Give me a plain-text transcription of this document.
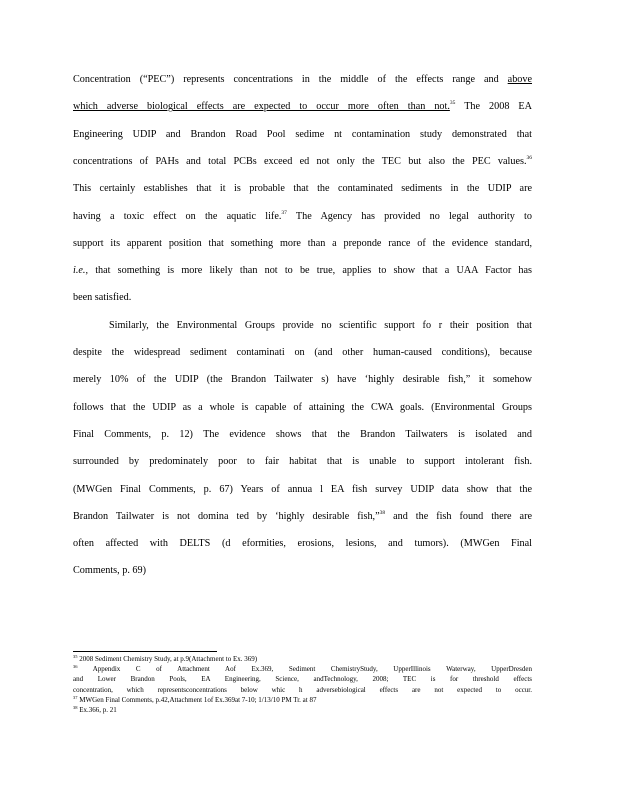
Concentration (“PEC”) represents concentrations in the middle of the effects range and above
which adverse biological effects are expected to occur more often than not.$^{35}$ The 2008 EA
Engineering UDIP and Brandon Road Pool sedime nt contamination study demonstrated that
concentrations of PAHs and total PCBs exceed ed not only the TEC but also the PEC values.$^{36}$
This certainly establishes that it is probable that the contaminated sediments in the UDIP are
having a toxic effect on the aquatic life.$^{37}$ The Agency has provided no legal authority to
support its apparent position that something more than a preponde rance of the evidence standard,
i.e., that something is more likely than not to be true, applies to show that a UAA Factor has
been satisfied.
Similarly, the Environmental Groups provide no scientific support fo r their position that
despite the widespread sediment contaminati on (and other human-caused conditions), because
merely 10% of the UDIP (the Brandon Tailwater s) have ‘highly desirable fish,” it somehow
follows that the UDIP as a whole is capable of attaining the CWA goals. (Environmental Groups
Final Comments, p. 12) The evidence shows that the Brandon Tailwaters is isolated and
surrounded by predominately poor to fair habitat that is unable to support intolerant fish.
(MWGen Final Comments, p. 67) Years of annua l EA fish survey UDIP data show that the
Brandon Tailwater is not domina ted by ‘highly desirable fish,”$^{38}$ and the fish found there are
often affected with DELTS (d eformities, erosions, lesions, and tumors). (MWGen Final
Comments, p. 69)
$^{35}$ 2008 Sediment Chemistry Study, at p.9(Attachment to Ex. 369)
$^{36}$ Appendix C of Attachment Aof Ex.369, Sediment ChemistryStudy, UpperIllinois Waterway, UpperDresden
and Lower Brandon Pools, EA Engineering, Science, andTechnology, 2008; TEC is for threshold effects
concentration, which representsconcentrations below whic h adversebiological effects are not expected to occur.
$^{37}$ MWGen Final Comments, p.42,Attachment 1of Ex.369at 7-10; 1/13/10 PM Tr. at 87
$^{38}$ Ex.366, p. 21
